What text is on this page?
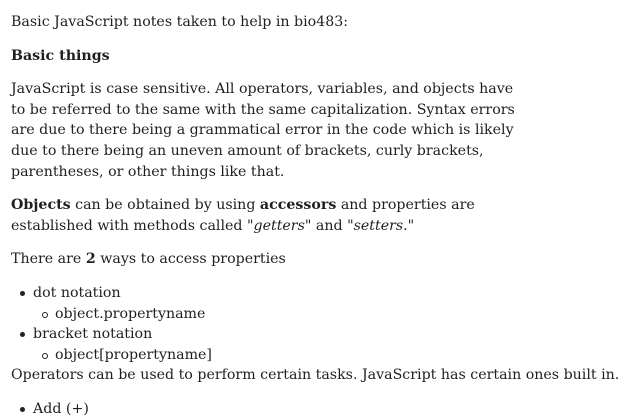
Basic JavaScript notes taken to help in bio483:

Basic things

JavaScript is case sensitive. All operators, variables, and objects have to be referred to the same with the same capitalization. Syntax errors are due to there being a grammatical error in the code which is likely due to there being an uneven amount of brackets, curly brackets, parentheses, or other things like that.

Objects can be obtained by using accessors and properties are established with methods called "getters" and "setters."

There are 2 ways to access properties

dot notation
object.propertyname
bracket notation
object[propertyname]

Operators can be used to perform certain tasks. JavaScript has certain ones built in.

Add (+)
